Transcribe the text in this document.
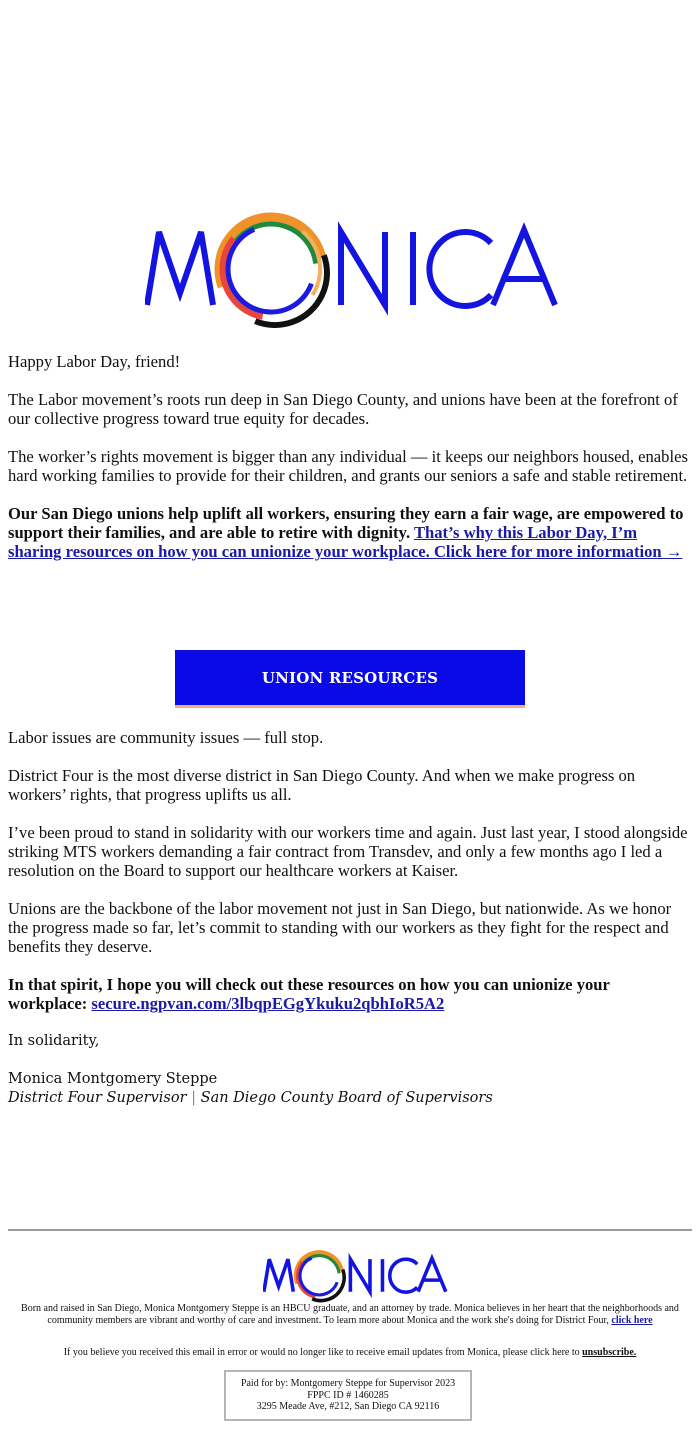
Happy Labor Day, friend!

The Labor movement’s roots run deep in San Diego County, and unions have been at the forefront of our collective progress toward true equity for decades.

The worker’s rights movement is bigger than any individual — it keeps our neighbors housed, enables hard working families to provide for their children, and grants our seniors a safe and stable retirement.

Our San Diego unions help uplift all workers, ensuring they earn a fair wage, are empowered to support their families, and are able to retire with dignity. That’s why this Labor Day, I’m sharing resources on how you can unionize your workplace. Click here for more information →

UNION RESOURCES

Labor issues are community issues — full stop.

District Four is the most diverse district in San Diego County. And when we make progress on workers’ rights, that progress uplifts us all.

I’ve been proud to stand in solidarity with our workers time and again. Just last year, I stood alongside striking MTS workers demanding a fair contract from Transdev, and only a few months ago I led a resolution on the Board to support our healthcare workers at Kaiser.

Unions are the backbone of the labor movement not just in San Diego, but nationwide. As we honor the progress made so far, let’s commit to standing with our workers as they fight for the respect and benefits they deserve.

In that spirit, I hope you will check out these resources on how you can unionize your workplace: secure.ngpvan.com/3lbqpEGgYkuku2qbhIoR5A2

In solidarity,

Monica Montgomery Steppe
District Four Supervisor | San Diego County Board of Supervisors
Born and raised in San Diego, Monica Montgomery Steppe is an HBCU graduate, and an attorney by trade. Monica believes in her heart that the neighborhoods and community members are vibrant and worthy of care and investment. To learn more about Monica and the work she's doing for District Four, click here
If you believe you received this email in error or would no longer like to receive email updates from Monica, please click here to unsubscribe.
Paid for by: Montgomery Steppe for Supervisor 2023
FPPC ID # 1460285
3295 Meade Ave, #212, San Diego CA 92116
